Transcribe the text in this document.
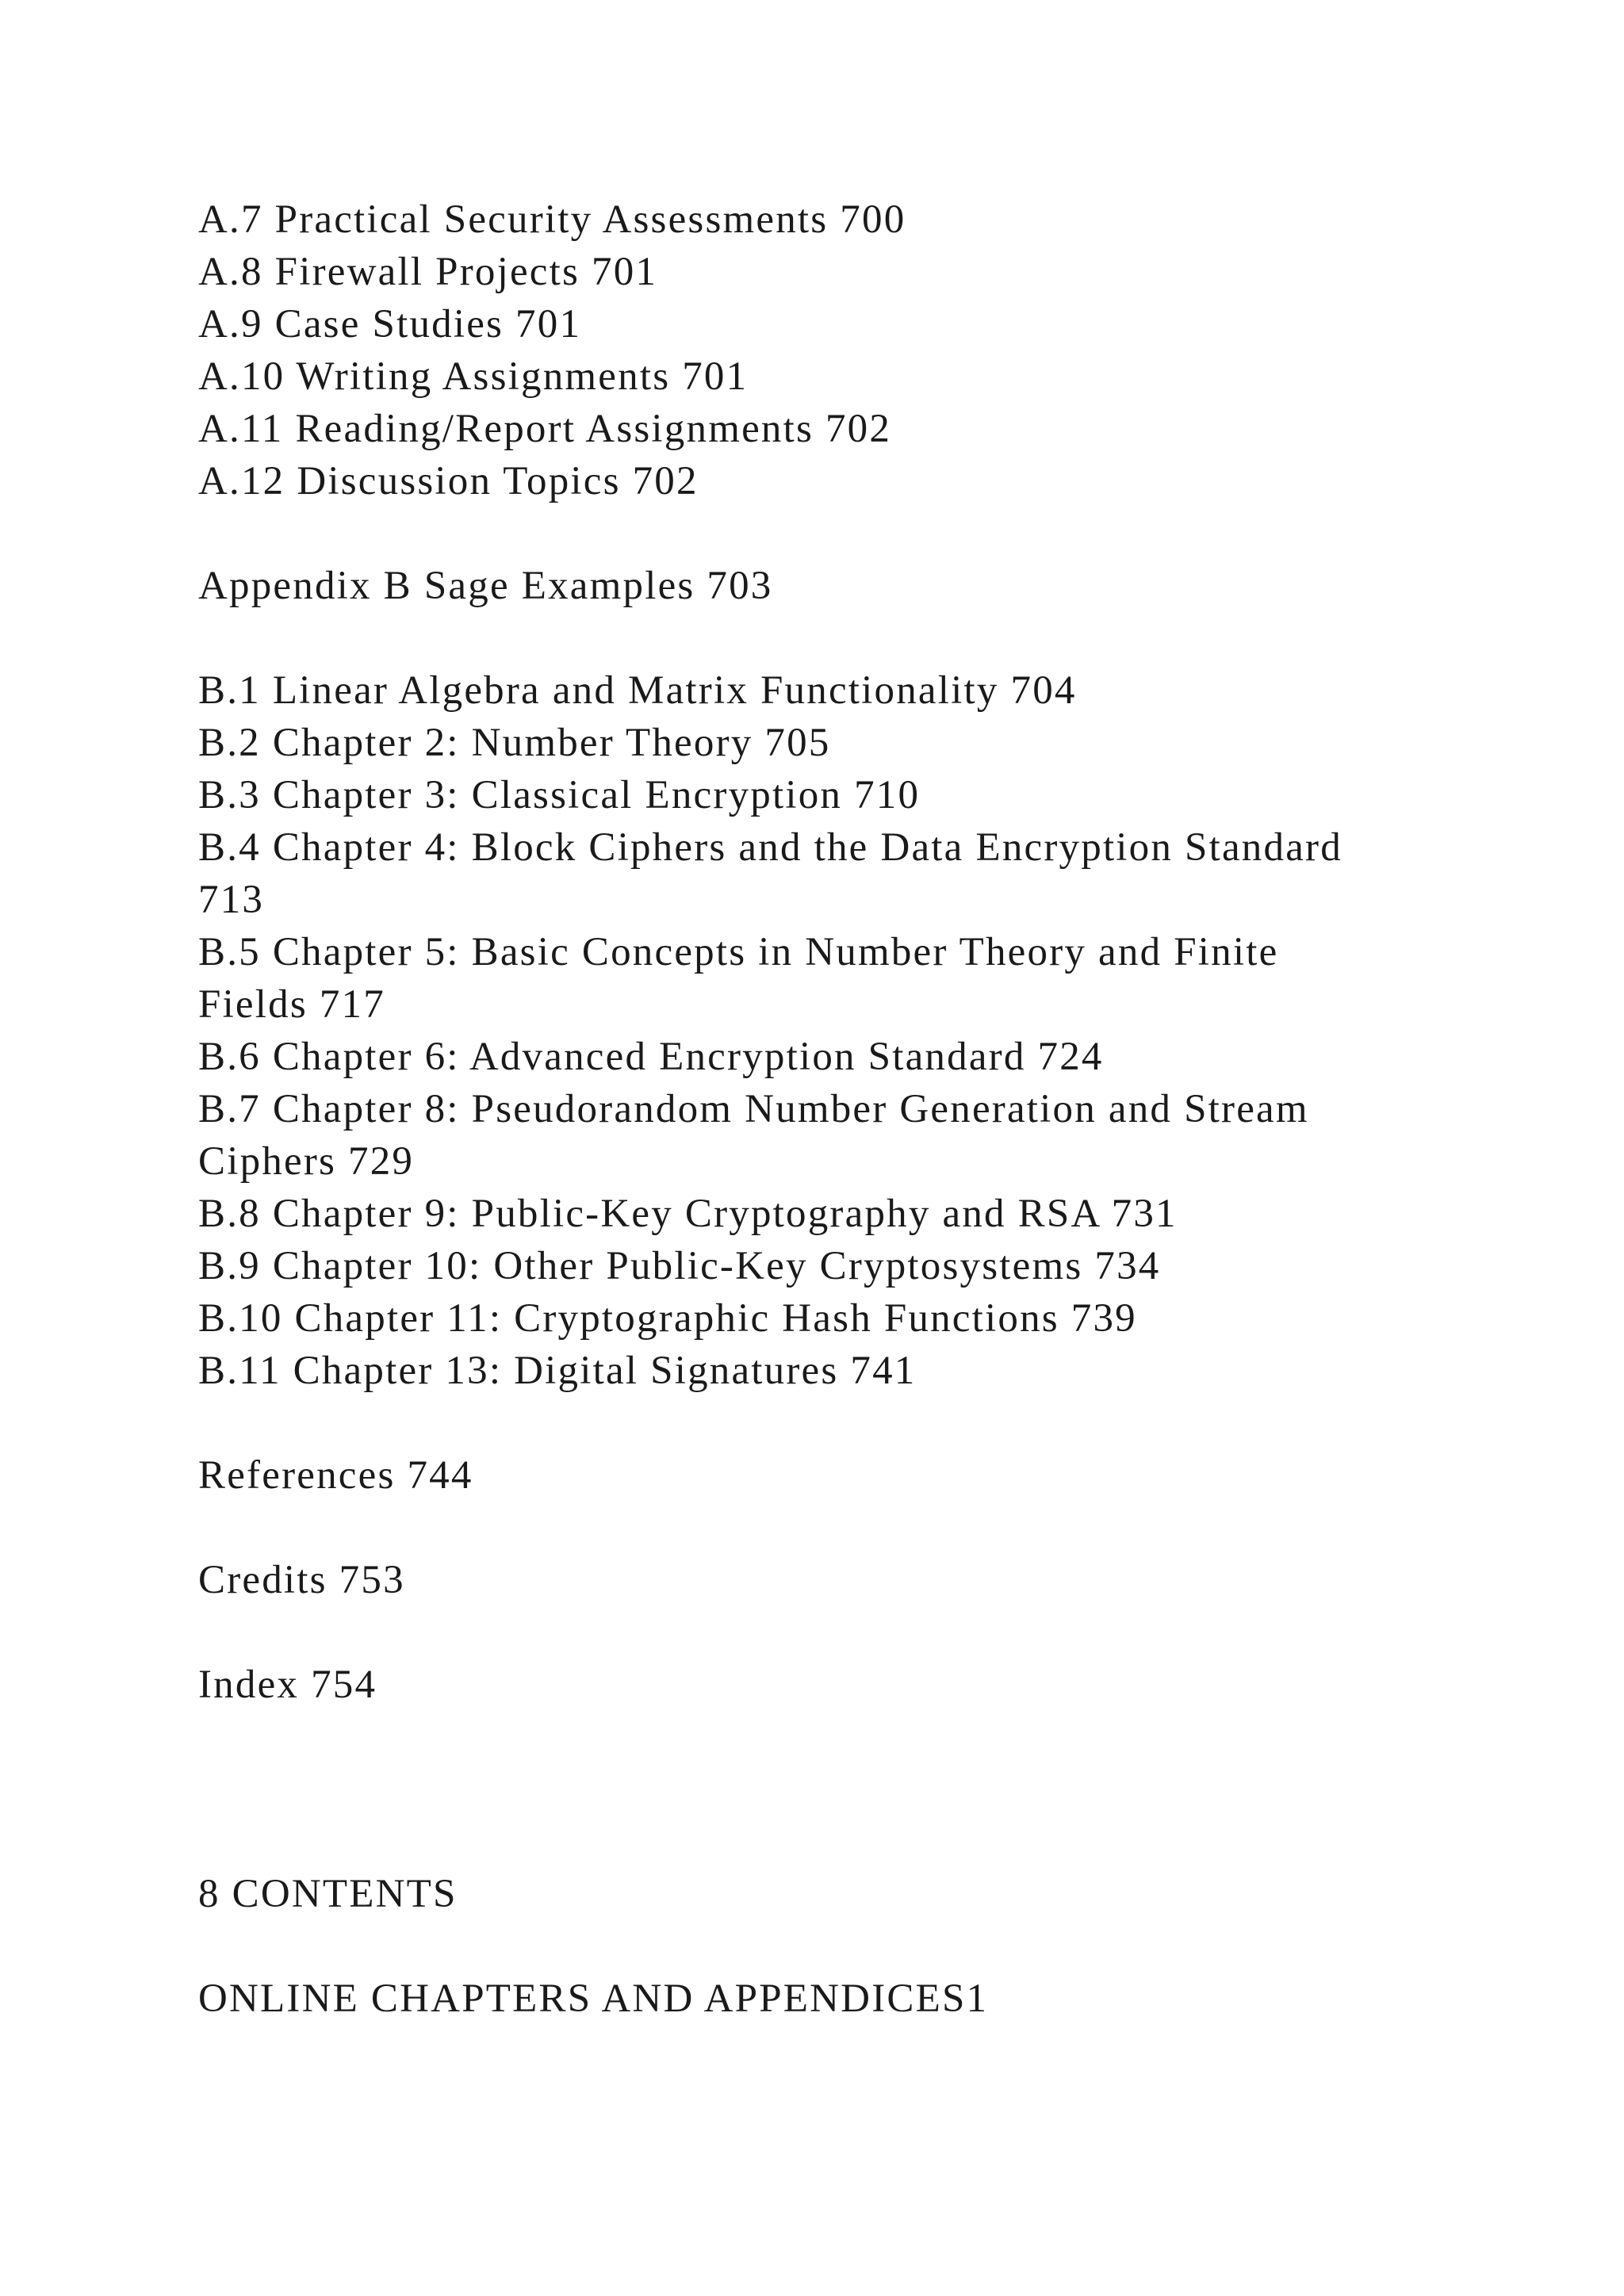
A.7 Practical Security Assessments 700

A.8 Firewall Projects 701

A.9 Case Studies 701

A.10 Writing Assignments 701

A.11 Reading/Report Assignments 702

A.12 Discussion Topics 702

Appendix B Sage Examples 703

B.1 Linear Algebra and Matrix Functionality 704

B.2 Chapter 2: Number Theory 705

B.3 Chapter 3: Classical Encryption 710

B.4 Chapter 4: Block Ciphers and the Data Encryption Standard

713

B.5 Chapter 5: Basic Concepts in Number Theory and Finite

Fields 717

B.6 Chapter 6: Advanced Encryption Standard 724

B.7 Chapter 8: Pseudorandom Number Generation and Stream

Ciphers 729

B.8 Chapter 9: Public-Key Cryptography and RSA 731

B.9 Chapter 10: Other Public-Key Cryptosystems 734

B.10 Chapter 11: Cryptographic Hash Functions 739

B.11 Chapter 13: Digital Signatures 741

References 744

Credits 753

Index 754

8 CONTENTS

ONLINE CHAPTERS AND APPENDICES1
